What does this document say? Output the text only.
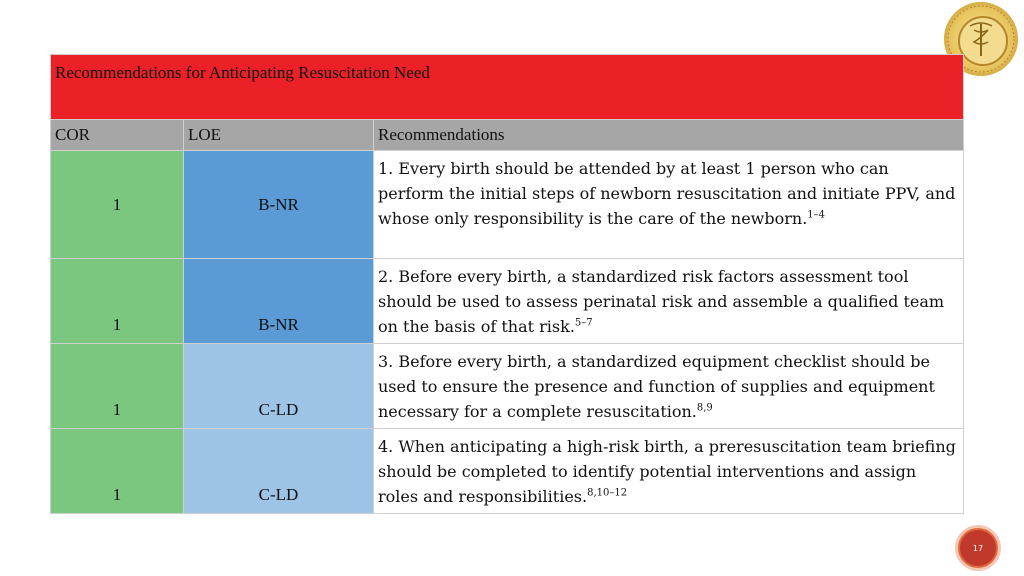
Recommendations for Anticipating Resuscitation Need		
COR	LOE	Recommendations
1	B-NR	1. Every birth should be attended by at least 1 person who can perform the initial steps of newborn resuscitation and initiate PPV, and whose only responsibility is the care of the newborn.$^{1-4}$
1	B-NR	2. Before every birth, a standardized risk factors assessment tool should be used to assess perinatal risk and assemble a qualified team on the basis of that risk.$^{5-7}$
1	C-LD	3. Before every birth, a standardized equipment checklist should be used to ensure the presence and function of supplies and equipment necessary for a complete resuscitation.$^{8,9}$
1	C-LD	4. When anticipating a high-risk birth, a preresuscitation team briefing should be completed to identify potential interventions and assign roles and responsibilities.$^{8,10-12}$
17
